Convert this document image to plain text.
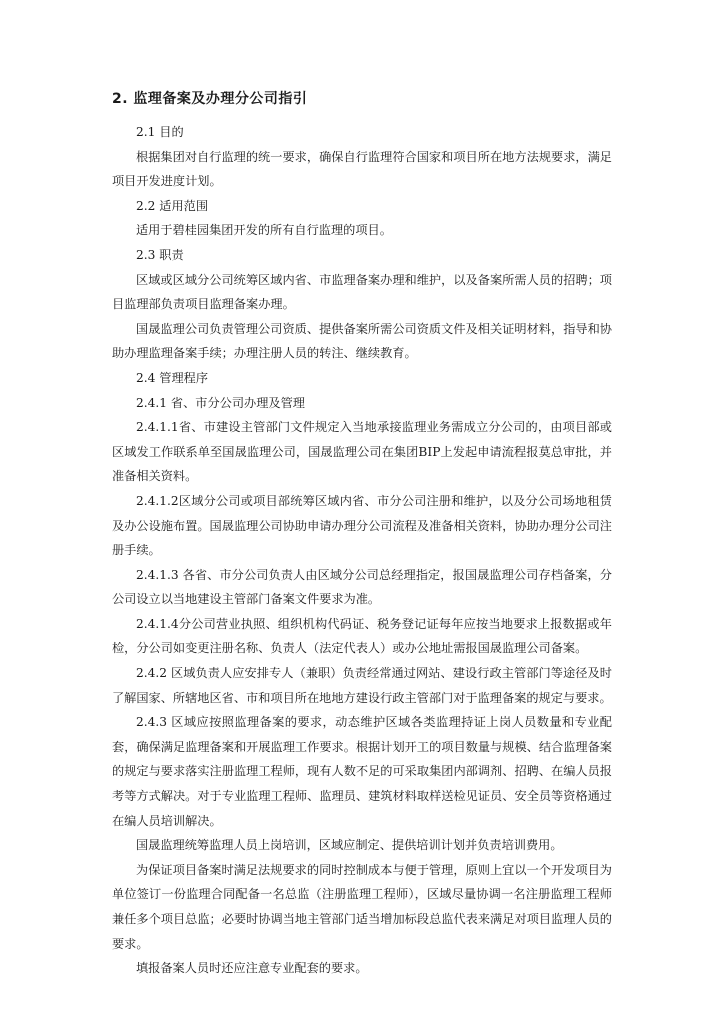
2. 监理备案及办理分公司指引

2.1 目的

根据集团对自行监理的统一要求，确保自行监理符合国家和项目所在地方法规要求，满足项目开发进度计划。

2.2 适用范围

适用于碧桂园集团开发的所有自行监理的项目。

2.3 职责

区域或区域分公司统筹区域内省、市监理备案办理和维护，以及备案所需人员的招聘；项目监理部负责项目监理备案办理。

国晟监理公司负责管理公司资质、提供备案所需公司资质文件及相关证明材料，指导和协助办理监理备案手续；办理注册人员的转注、继续教育。

2.4 管理程序

2.4.1 省、市分公司办理及管理

2.4.1.1省、市建设主管部门文件规定入当地承接监理业务需成立分公司的，由项目部或区域发工作联系单至国晟监理公司，国晟监理公司在集团BIP上发起申请流程报莫总审批，并准备相关资料。

2.4.1.2区域分公司或项目部统筹区域内省、市分公司注册和维护，以及分公司场地租赁及办公设施布置。国晟监理公司协助申请办理分公司流程及准备相关资料，协助办理分公司注册手续。

2.4.1.3 各省、市分公司负责人由区域分公司总经理指定，报国晟监理公司存档备案，分公司设立以当地建设主管部门备案文件要求为准。

2.4.1.4分公司营业执照、组织机构代码证、税务登记证每年应按当地要求上报数据或年检，分公司如变更注册名称、负责人（法定代表人）或办公地址需报国晟监理公司备案。

2.4.2 区域负责人应安排专人（兼职）负责经常通过网站、建设行政主管部门等途径及时了解国家、所辖地区省、市和项目所在地地方建设行政主管部门对于监理备案的规定与要求。

2.4.3 区域应按照监理备案的要求，动态维护区域各类监理持证上岗人员数量和专业配套，确保满足监理备案和开展监理工作要求。根据计划开工的项目数量与规模、结合监理备案的规定与要求落实注册监理工程师，现有人数不足的可采取集团内部调剂、招聘、在编人员报考等方式解决。对于专业监理工程师、监理员、建筑材料取样送检见证员、安全员等资格通过在编人员培训解决。

国晟监理统筹监理人员上岗培训，区域应制定、提供培训计划并负责培训费用。

为保证项目备案时满足法规要求的同时控制成本与便于管理，原则上宜以一个开发项目为单位签订一份监理合同配备一名总监（注册监理工程师），区域尽量协调一名注册监理工程师兼任多个项目总监；必要时协调当地主管部门适当增加标段总监代表来满足对项目监理人员的要求。

填报备案人员时还应注意专业配套的要求。
